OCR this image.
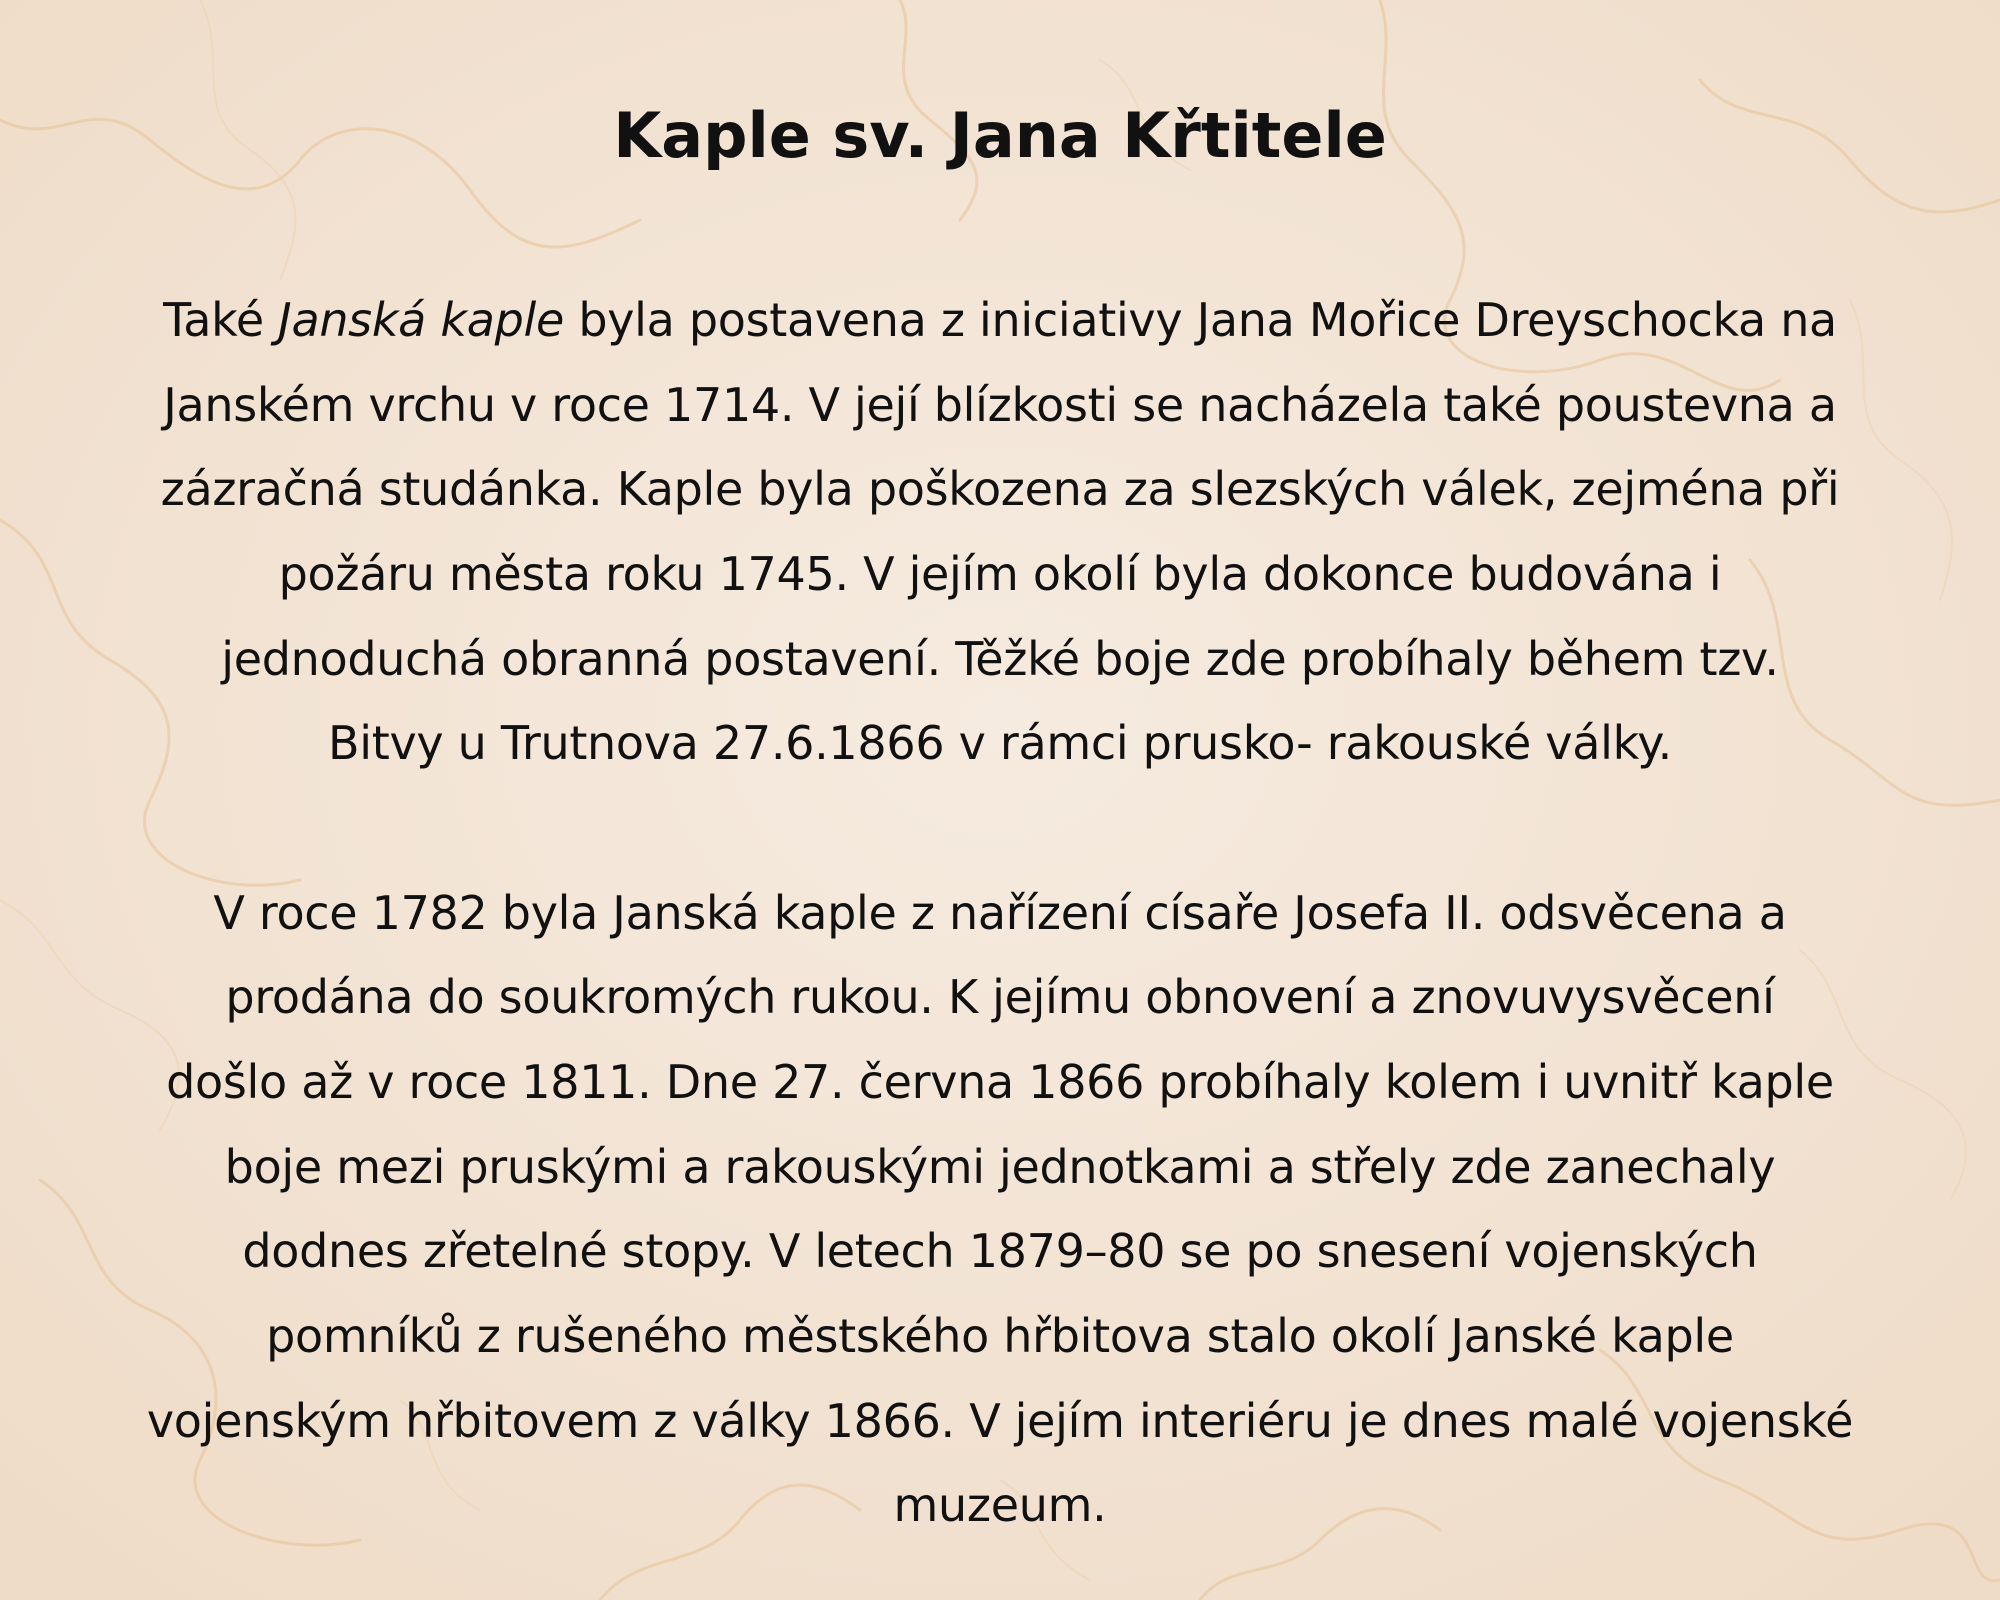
Kaple sv. Jana Křtitele
Také Janská kaple byla postavena z iniciativy Jana Mořice Dreyschocka na
Janském vrchu v roce 1714. V její blízkosti se nacházela také poustevna a
zázračná studánka. Kaple byla poškozena za slezských válek, zejména při
požáru města roku 1745. V jejím okolí byla dokonce budována i
jednoduchá obranná postavení. Těžké boje zde probíhaly během tzv.
Bitvy u Trutnova 27.6.1866 v rámci prusko- rakouské války.
V roce 1782 byla Janská kaple z nařízení císaře Josefa II. odsvěcena a
prodána do soukromých rukou. K jejímu obnovení a znovuvysvěcení
došlo až v roce 1811. Dne 27. června 1866 probíhaly kolem i uvnitř kaple
boje mezi pruskými a rakouskými jednotkami a střely zde zanechaly
dodnes zřetelné stopy. V letech 1879–80 se po snesení vojenských
pomníků z rušeného městského hřbitova stalo okolí Janské kaple
vojenským hřbitovem z války 1866. V jejím interiéru je dnes malé vojenské
muzeum.
